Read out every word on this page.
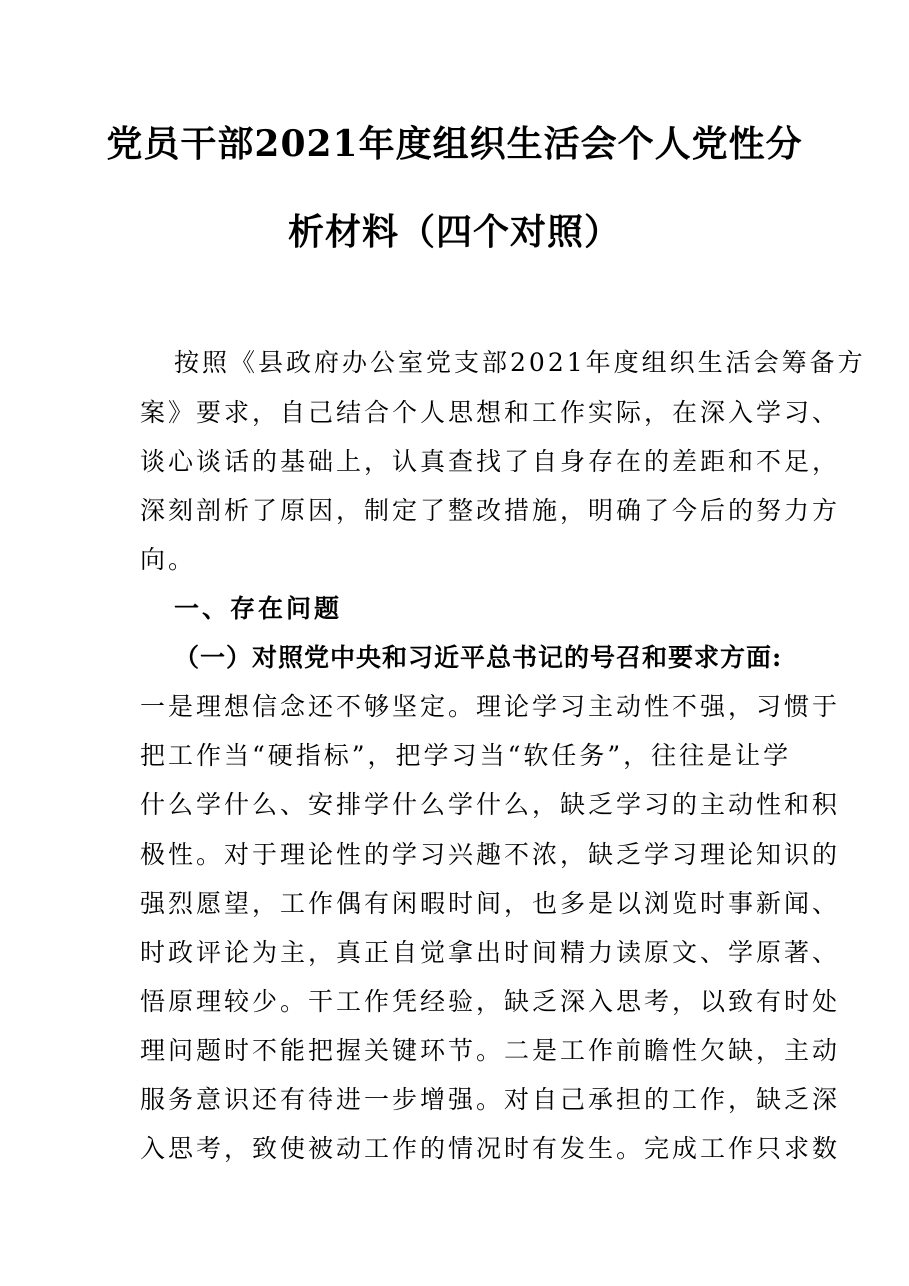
党员干部2021年度组织生活会个人党性分
析材料（四个对照）
按照《县政府办公室党支部2021年度组织生活会筹备方
案》要求，自己结合个人思想和工作实际，在深入学习、
谈心谈话的基础上，认真查找了自身存在的差距和不足，
深刻剖析了原因，制定了整改措施，明确了今后的努力方
向。
一、存在问题
（一）对照党中央和习近平总书记的号召和要求方面:
一是理想信念还不够坚定。理论学习主动性不强，习惯于
把工作当“硬指标”，把学习当“软任务”，往往是让学
什么学什么、安排学什么学什么，缺乏学习的主动性和积
极性。对于理论性的学习兴趣不浓，缺乏学习理论知识的
强烈愿望，工作偶有闲暇时间，也多是以浏览时事新闻、
时政评论为主，真正自觉拿出时间精力读原文、学原著、
悟原理较少。干工作凭经验，缺乏深入思考，以致有时处
理问题时不能把握关键环节。二是工作前瞻性欠缺，主动
服务意识还有待进一步增强。对自己承担的工作，缺乏深
入思考，致使被动工作的情况时有发生。完成工作只求数
